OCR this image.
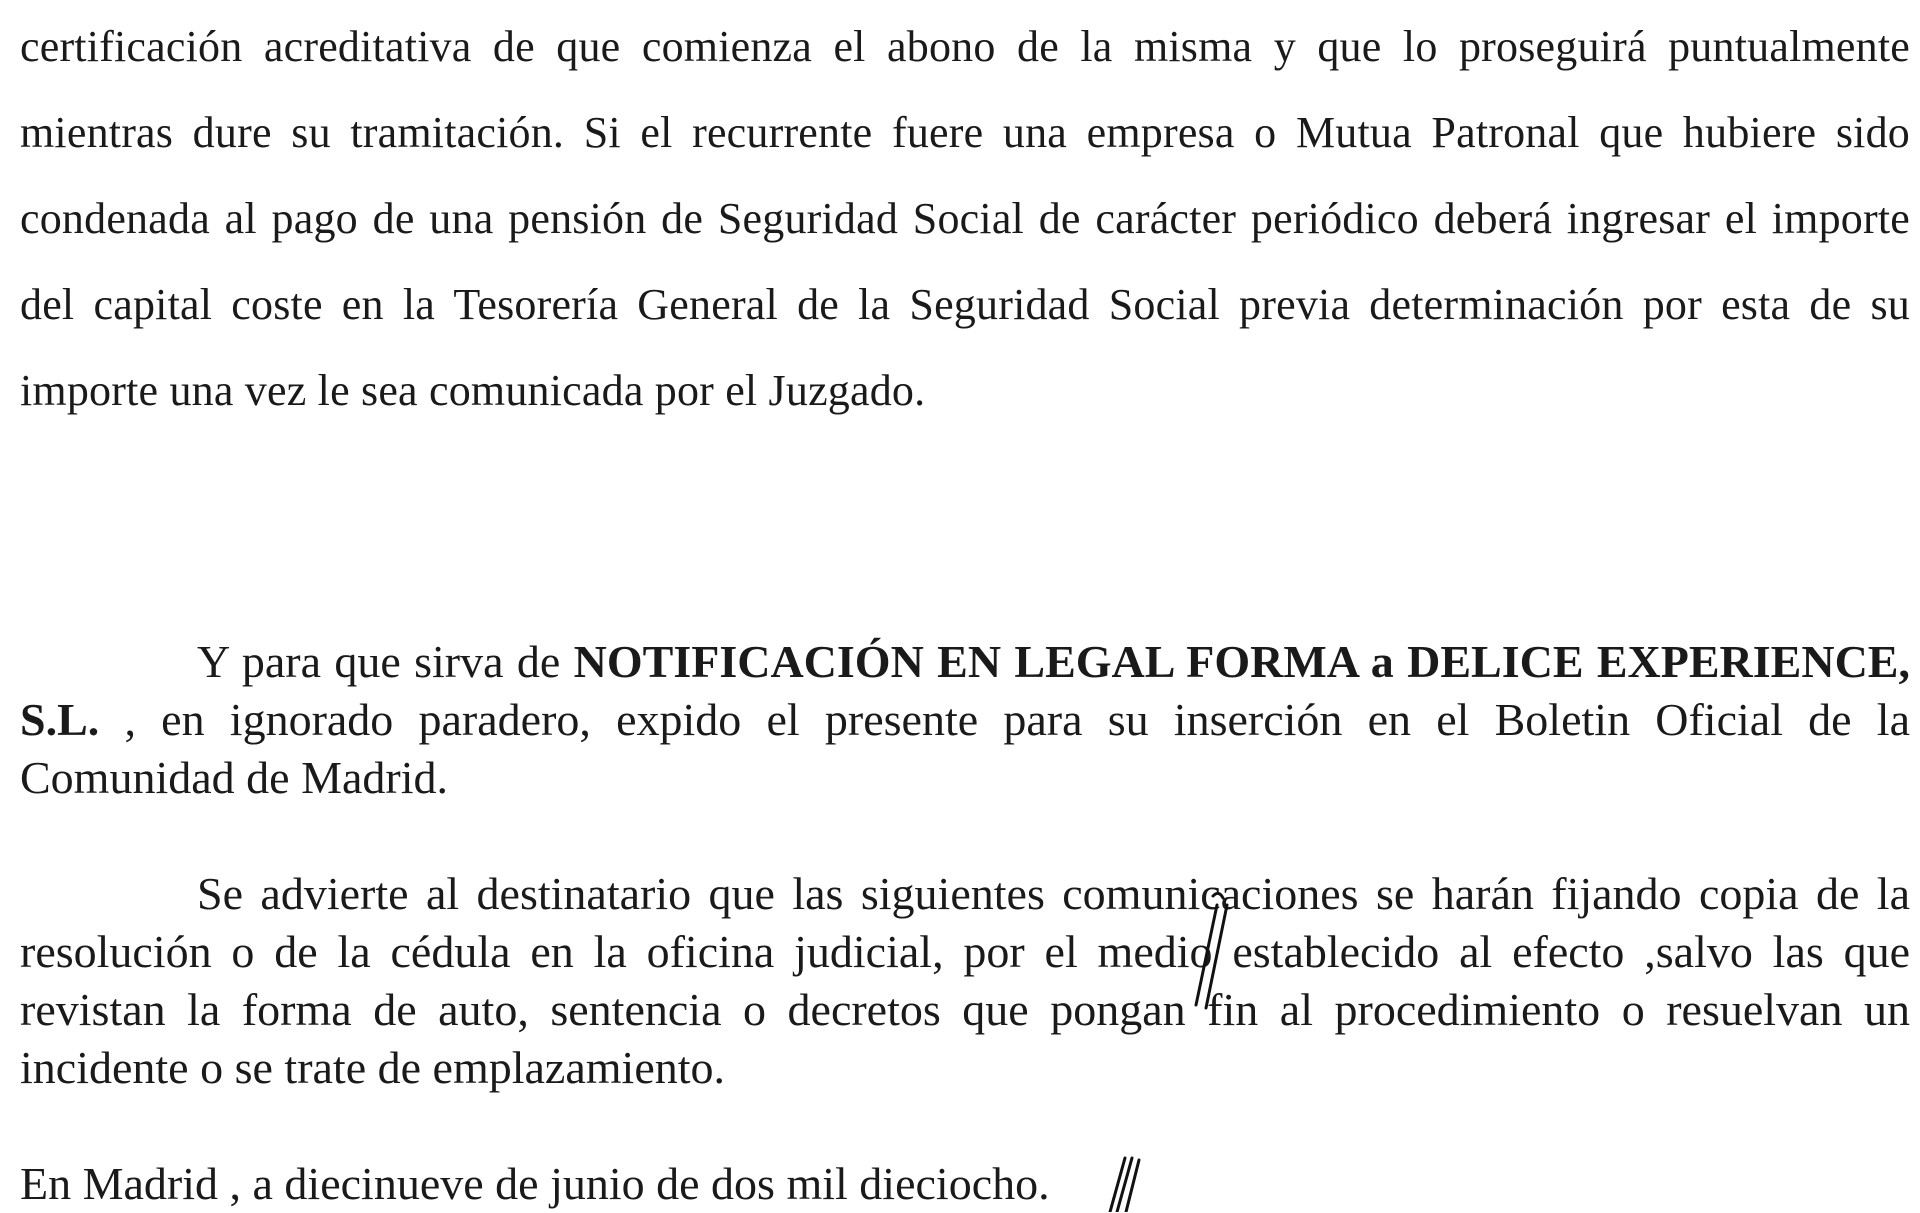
certificación acreditativa de que comienza el abono de la misma y que lo proseguirá puntualmente mientras dure su tramitación. Si el recurrente fuere una empresa o Mutua Patronal que hubiere sido condenada al pago de una pensión de Seguridad Social de carácter periódico deberá ingresar el importe del capital coste en la Tesorería General de la Seguridad Social previa determinación por esta de su importe una vez le sea comunicada por el Juzgado.

Y para que sirva de NOTIFICACIÓN EN LEGAL FORMA a DELICE EXPERIENCE, S.L. , en ignorado paradero, expido el presente para su inserción en el Boletin Oficial de la Comunidad de Madrid.

Se advierte al destinatario que las siguientes comunicaciones se harán fijando copia de la resolución o de la cédula en la oficina judicial, por el medio establecido al efecto ,salvo las que revistan la forma de auto, sentencia o decretos que pongan fin al procedimiento o resuelvan un incidente o se trate de emplazamiento.

En Madrid , a diecinueve de junio de dos mil dieciocho.
